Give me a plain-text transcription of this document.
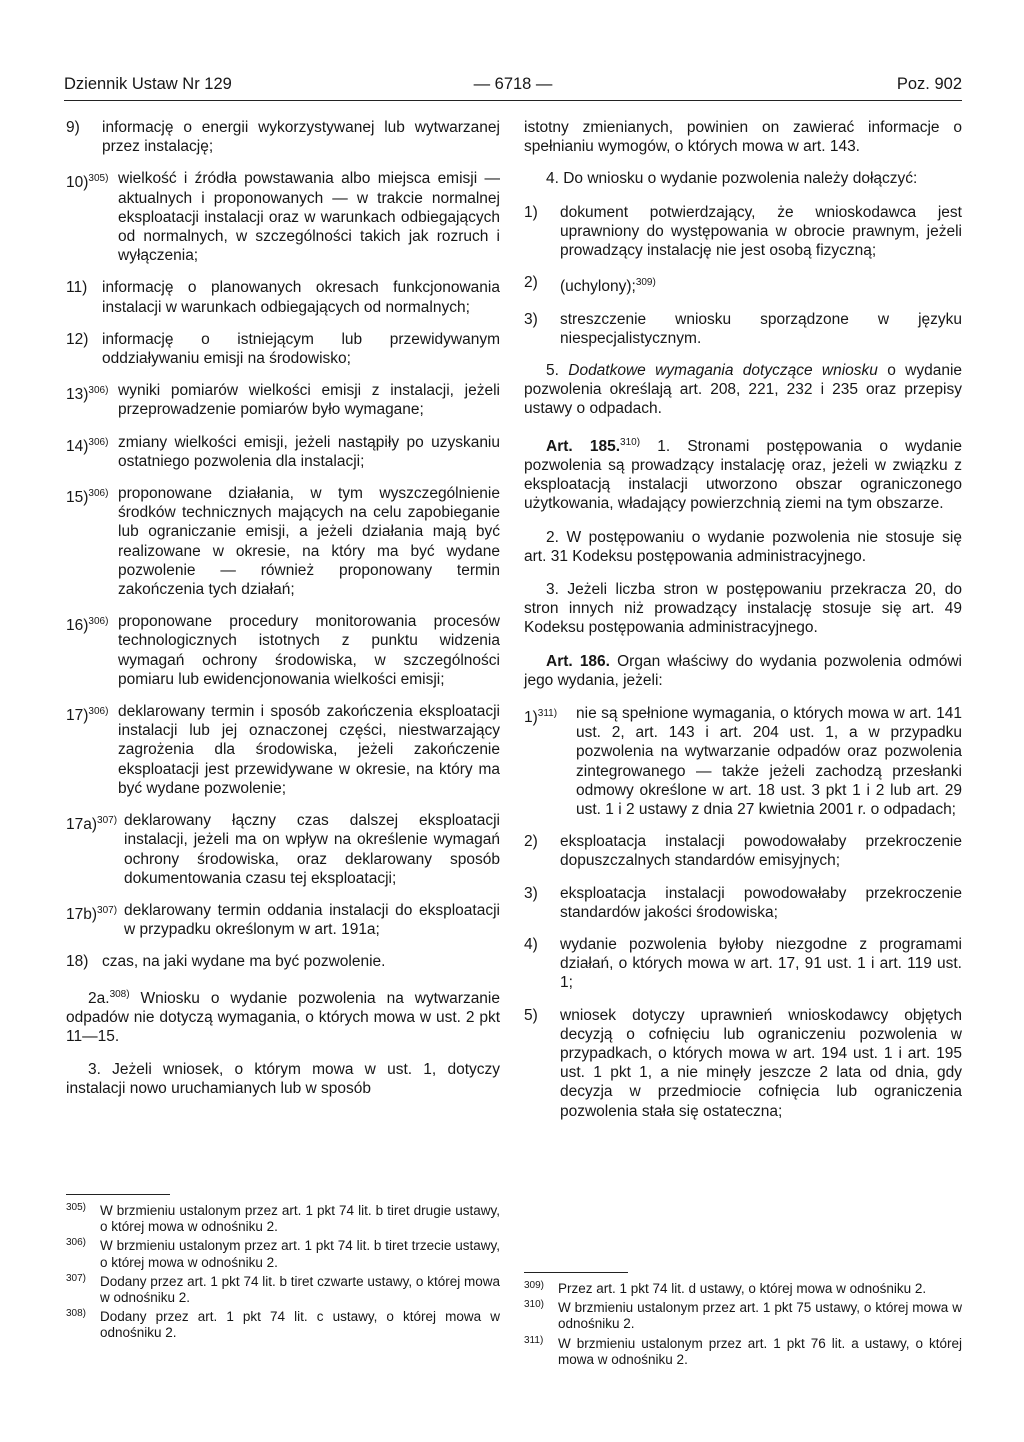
Dziennik Ustaw Nr 129	— 6718 —	Poz. 902
9) informację o energii wykorzystywanej lub wytwarzanej przez instalację;
10)$^{305)}$ wielkość i źródła powstawania albo miejsca emisji — aktualnych i proponowanych — w trakcie normalnej eksploatacji instalacji oraz w warunkach odbiegających od normalnych, w szczególności takich jak rozruch i wyłączenia;
11) informację o planowanych okresach funkcjonowania instalacji w warunkach odbiegających od normalnych;
12) informację o istniejącym lub przewidywanym oddziaływaniu emisji na środowisko;
13)$^{306)}$ wyniki pomiarów wielkości emisji z instalacji, jeżeli przeprowadzenie pomiarów było wymagane;
14)$^{306)}$ zmiany wielkości emisji, jeżeli nastąpiły po uzyskaniu ostatniego pozwolenia dla instalacji;
15)$^{306)}$ proponowane działania, w tym wyszczególnienie środków technicznych mających na celu zapobieganie lub ograniczanie emisji, a jeżeli działania mają być realizowane w okresie, na który ma być wydane pozwolenie — również proponowany termin zakończenia tych działań;
16)$^{306)}$ proponowane procedury monitorowania procesów technologicznych istotnych z punktu widzenia wymagań ochrony środowiska, w szczególności pomiaru lub ewidencjonowania wielkości emisji;
17)$^{306)}$ deklarowany termin i sposób zakończenia eksploatacji instalacji lub jej oznaczonej części, niestwarzający zagrożenia dla środowiska, jeżeli zakończenie eksploatacji jest przewidywane w okresie, na który ma być wydane pozwolenie;
17a)$^{307)}$ deklarowany łączny czas dalszej eksploatacji instalacji, jeżeli ma on wpływ na określenie wymagań ochrony środowiska, oraz deklarowany sposób dokumentowania czasu tej eksploatacji;
17b)$^{307)}$ deklarowany termin oddania instalacji do eksploatacji w przypadku określonym w art. 191a;
18) czas, na jaki wydane ma być pozwolenie.
2a.$^{308)}$ Wniosku o wydanie pozwolenia na wytwarzanie odpadów nie dotyczą wymagania, o których mowa w ust. 2 pkt 11—15.
3. Jeżeli wniosek, o którym mowa w ust. 1, dotyczy instalacji nowo uruchamianych lub w sposób
305) W brzmieniu ustalonym przez art. 1 pkt 74 lit. b tiret drugie ustawy, o której mowa w odnośniku 2.
306) W brzmieniu ustalonym przez art. 1 pkt 74 lit. b tiret trzecie ustawy, o której mowa w odnośniku 2.
307) Dodany przez art. 1 pkt 74 lit. b tiret czwarte ustawy, o której mowa w odnośniku 2.
308) Dodany przez art. 1 pkt 74 lit. c ustawy, o której mowa w odnośniku 2.
istotny zmienianych, powinien on zawierać informacje o spełnianiu wymogów, o których mowa w art. 143.
4. Do wniosku o wydanie pozwolenia należy dołączyć:
1) dokument potwierdzający, że wnioskodawca jest uprawniony do występowania w obrocie prawnym, jeżeli prowadzący instalację nie jest osobą fizyczną;
2) (uchylony);$^{309)}$
3) streszczenie wniosku sporządzone w języku niespecjalistycznym.
5. Dodatkowe wymagania dotyczące wniosku o wydanie pozwolenia określają art. 208, 221, 232 i 235 oraz przepisy ustawy o odpadach.
Art. 185.$^{310)}$ 1. Stronami postępowania o wydanie pozwolenia są prowadzący instalację oraz, jeżeli w związku z eksploatacją instalacji utworzono obszar ograniczonego użytkowania, władający powierzchnią ziemi na tym obszarze.
2. W postępowaniu o wydanie pozwolenia nie stosuje się art. 31 Kodeksu postępowania administracyjnego.
3. Jeżeli liczba stron w postępowaniu przekracza 20, do stron innych niż prowadzący instalację stosuje się art. 49 Kodeksu postępowania administracyjnego.
Art. 186. Organ właściwy do wydania pozwolenia odmówi jego wydania, jeżeli:
1)$^{311)}$ nie są spełnione wymagania, o których mowa w art. 141 ust. 2, art. 143 i art. 204 ust. 1, a w przypadku pozwolenia na wytwarzanie odpadów oraz pozwolenia zintegrowanego — także jeżeli zachodzą przesłanki odmowy określone w art. 18 ust. 3 pkt 1 i 2 lub art. 29 ust. 1 i 2 ustawy z dnia 27 kwietnia 2001 r. o odpadach;
2) eksploatacja instalacji powodowałaby przekroczenie dopuszczalnych standardów emisyjnych;
3) eksploatacja instalacji powodowałaby przekroczenie standardów jakości środowiska;
4) wydanie pozwolenia byłoby niezgodne z programami działań, o których mowa w art. 17, 91 ust. 1 i art. 119 ust. 1;
5) wniosek dotyczy uprawnień wnioskodawcy objętych decyzją o cofnięciu lub ograniczeniu pozwolenia w przypadkach, o których mowa w art. 194 ust. 1 i art. 195 ust. 1 pkt 1, a nie minęły jeszcze 2 lata od dnia, gdy decyzja w przedmiocie cofnięcia lub ograniczenia pozwolenia stała się ostateczna;
309) Przez art. 1 pkt 74 lit. d ustawy, o której mowa w odnośniku 2.
310) W brzmieniu ustalonym przez art. 1 pkt 75 ustawy, o której mowa w odnośniku 2.
311) W brzmieniu ustalonym przez art. 1 pkt 76 lit. a ustawy, o której mowa w odnośniku 2.
